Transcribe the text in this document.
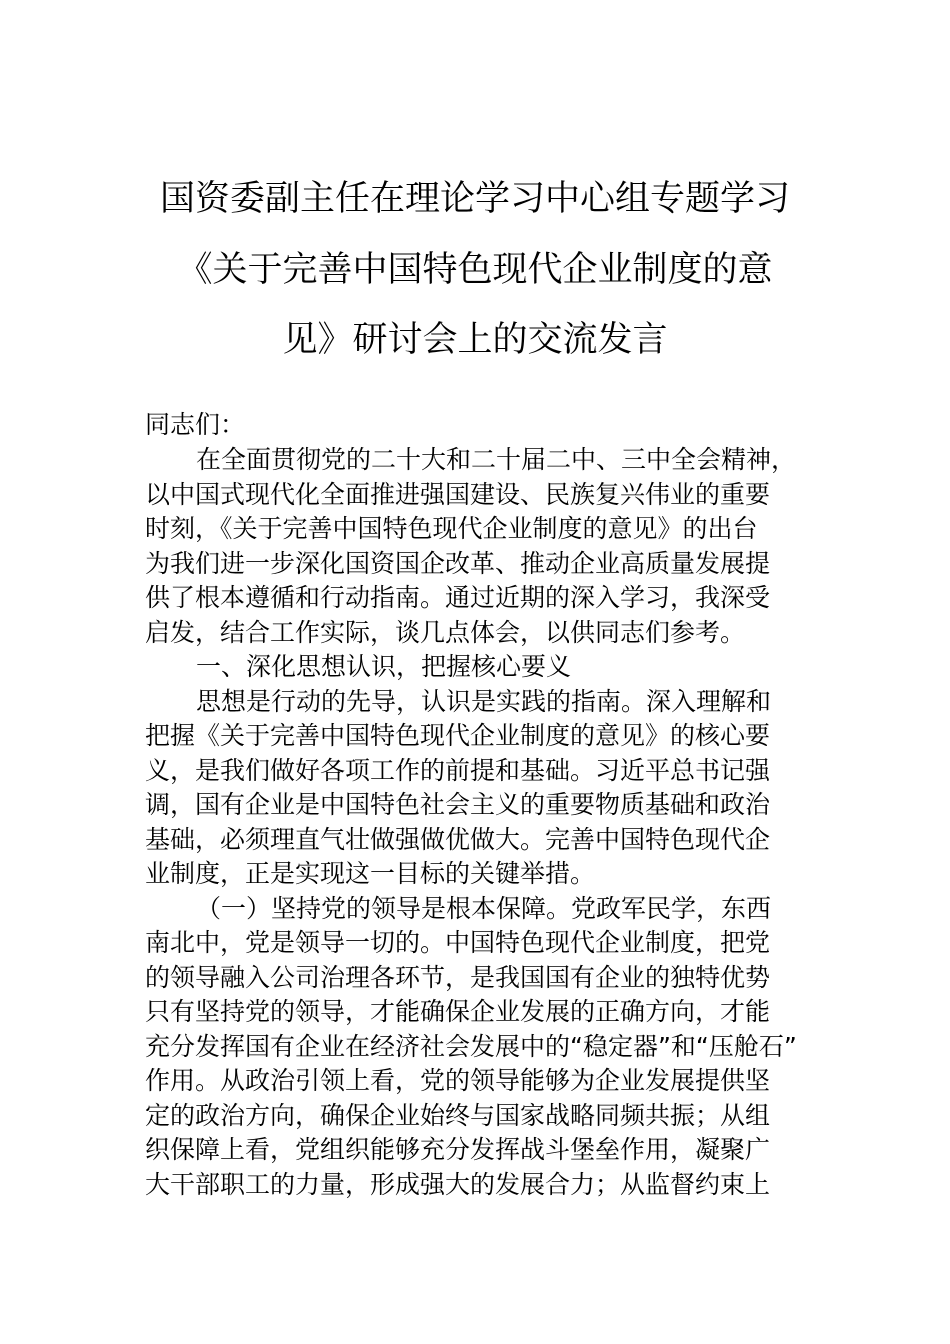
国资委副主任在理论学习中心组专题学习
《关于完善中国特色现代企业制度的意
见》研讨会上的交流发言
同志们：
在全面贯彻党的二十大和二十届二中、三中全会精神，
以中国式现代化全面推进强国建设、民族复兴伟业的重要
时刻，《关于完善中国特色现代企业制度的意见》的出台
为我们进一步深化国资国企改革、推动企业高质量发展提
供了根本遵循和行动指南。通过近期的深入学习，我深受
启发，结合工作实际，谈几点体会，以供同志们参考。
一、深化思想认识，把握核心要义
思想是行动的先导，认识是实践的指南。深入理解和
把握《关于完善中国特色现代企业制度的意见》的核心要
义，是我们做好各项工作的前提和基础。习近平总书记强
调，国有企业是中国特色社会主义的重要物质基础和政治
基础，必须理直气壮做强做优做大。完善中国特色现代企
业制度，正是实现这一目标的关键举措。
（一）坚持党的领导是根本保障。党政军民学，东西
南北中，党是领导一切的。中国特色现代企业制度，把党
的领导融入公司治理各环节，是我国国有企业的独特优势
只有坚持党的领导，才能确保企业发展的正确方向，才能
充分发挥国有企业在经济社会发展中的“稳定器”和“压舱石”
作用。从政治引领上看，党的领导能够为企业发展提供坚
定的政治方向，确保企业始终与国家战略同频共振；从组
织保障上看，党组织能够充分发挥战斗堡垒作用，凝聚广
大干部职工的力量，形成强大的发展合力；从监督约束上
